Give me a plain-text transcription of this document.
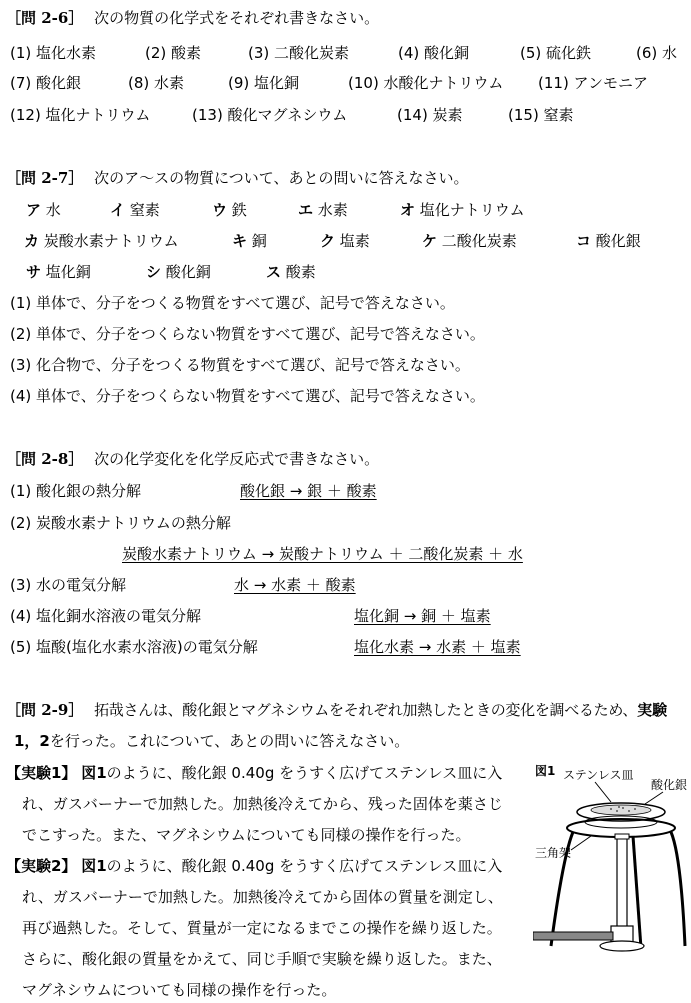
［問 2-6］ 次の物質の化学式をそれぞれ書きなさい。
(1) 塩化水素	(2) 酸素	(3) 二酸化炭素	(4) 酸化銅	(5) 硫化鉄	(6) 水
(7) 酸化銀	(8) 水素	(9) 塩化銅	(10) 水酸化ナトリウム (11) アンモニア
(12) 塩化ナトリウム	(13) 酸化マグネシウム	(14) 炭素	(15) 窒素
［問 2-7］ 次のア～スの物質について、あとの問いに答えなさい。
ア 水	イ 窒素	ウ 鉄	エ 水素	オ 塩化ナトリウム
カ 炭酸水素ナトリウム	キ 銅	ク 塩素	ケ 二酸化炭素	コ 酸化銀
サ 塩化銅	シ 酸化銅	ス 酸素
(1) 単体で、分子をつくる物質をすべて選び、記号で答えなさい。
(2) 単体で、分子をつくらない物質をすべて選び、記号で答えなさい。
(3) 化合物で、分子をつくる物質をすべて選び、記号で答えなさい。
(4) 単体で、分子をつくらない物質をすべて選び、記号で答えなさい。
［問 2-8］ 次の化学変化を化学反応式で書きなさい。
(1) 酸化銀の熱分解	酸化銀 → 銀 ＋ 酸素
(2) 炭酸水素ナトリウムの熱分解
炭酸水素ナトリウム → 炭酸ナトリウム ＋ 二酸化炭素 ＋ 水
(3) 水の電気分解	水 → 水素 ＋ 酸素
(4) 塩化銅水溶液の電気分解	塩化銅 → 銅 ＋ 塩素
(5) 塩酸(塩化水素水溶液)の電気分解	塩化水素 → 水素 ＋ 塩素
［問 2-9］ 拓哉さんは、酸化銀とマグネシウムをそれぞれ加熱したときの変化を調べるため、実験
1，2を行った。これについて、あとの問いに答えなさい。
【実験1】 図1のように、酸化銀 0.40g をうすく広げてステンレス皿に入
れ、ガスバーナーで加熱した。加熱後冷えてから、残った固体を薬さじ
でこすった。また、マグネシウムについても同様の操作を行った。
【実験2】 図1のように、酸化銀 0.40g をうすく広げてステンレス皿に入
れ、ガスバーナーで加熱した。加熱後冷えてから固体の質量を測定し、
再び過熱した。そして、質量が一定になるまでこの操作を繰り返した。
さらに、酸化銀の質量をかえて、同じ手順で実験を繰り返した。また、
マグネシウムについても同様の操作を行った。
図1 ステンレス皿
酸化銀
三角架
